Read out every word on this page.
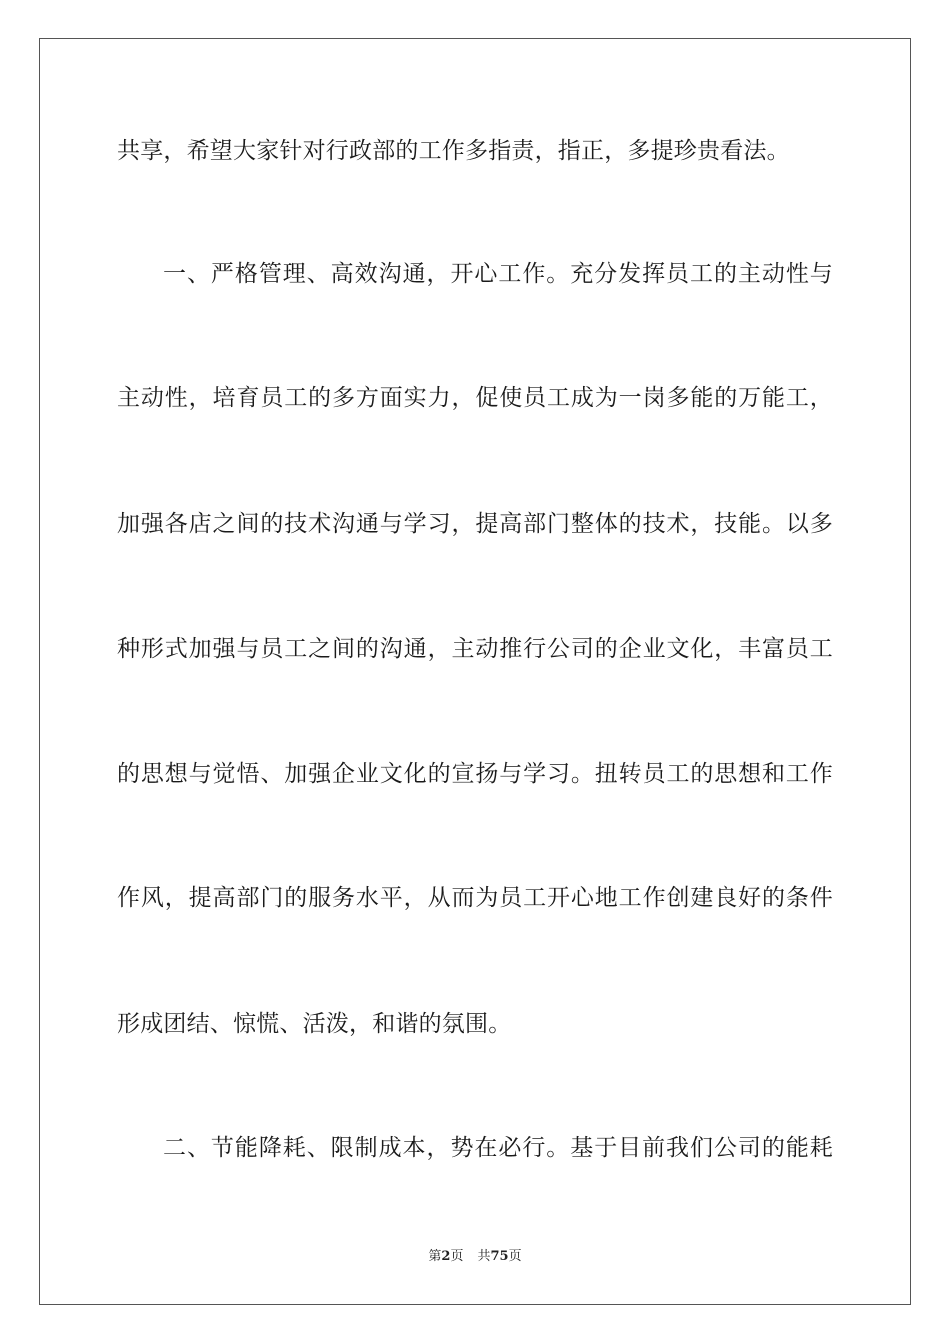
共享，希望大家针对行政部的工作多指责，指正，多提珍贵看法。
一、严格管理、高效沟通，开心工作。充分发挥员工的主动性与
主动性，培育员工的多方面实力，促使员工成为一岗多能的万能工，
加强各店之间的技术沟通与学习，提高部门整体的技术，技能。以多
种形式加强与员工之间的沟通，主动推行公司的企业文化，丰富员工
的思想与觉悟、加强企业文化的宣扬与学习。扭转员工的思想和工作
作风，提高部门的服务水平，从而为员工开心地工作创建良好的条件
形成团结、惊慌、活泼，和谐的氛围。
二、节能降耗、限制成本，势在必行。基于目前我们公司的能耗
第2页 共75页
